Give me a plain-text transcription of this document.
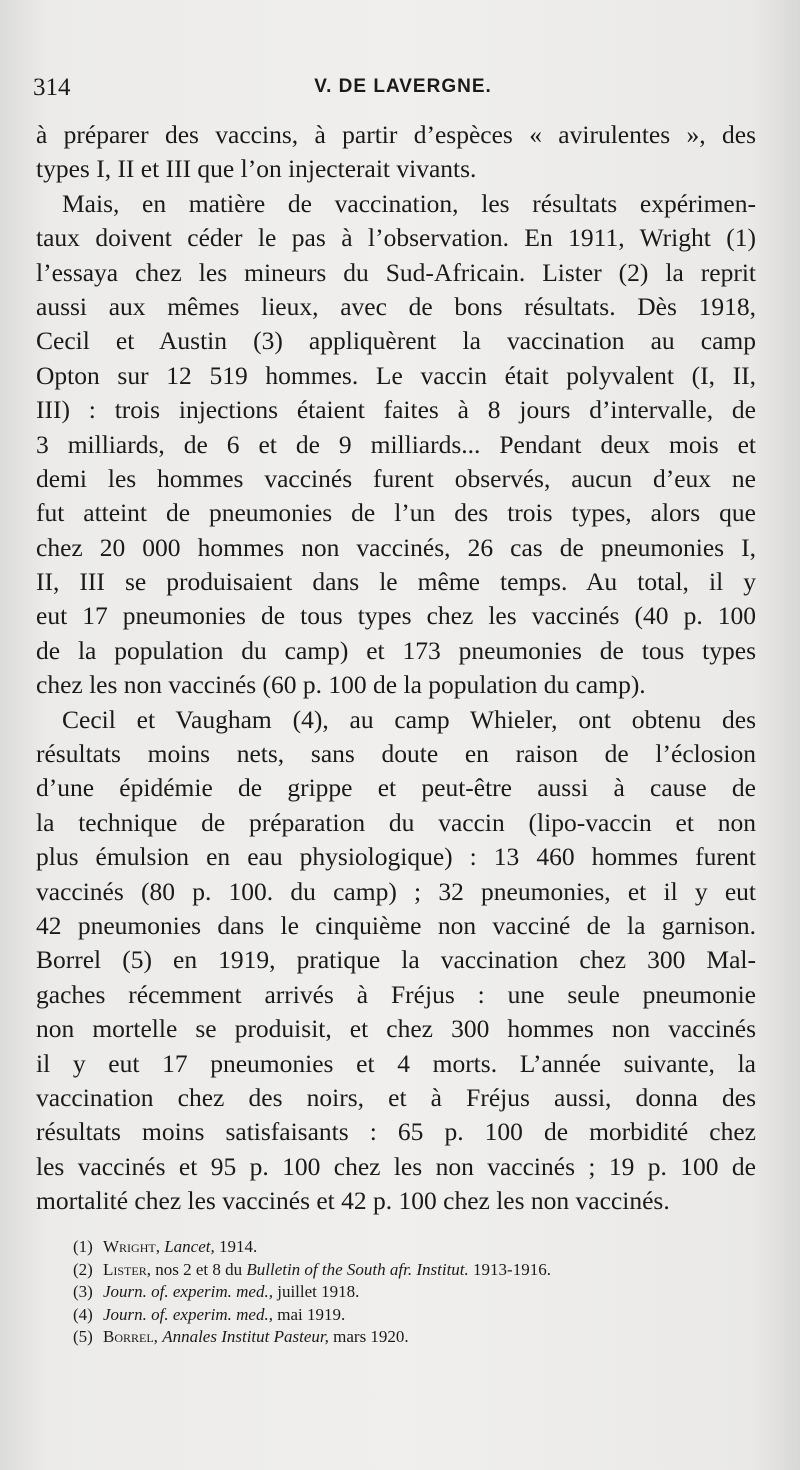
314	V. DE LAVERGNE.
à préparer des vaccins, à partir d’espèces « avirulentes », des
types I, II et III que l’on injecterait vivants.
Mais, en matière de vaccination, les résultats expérimen-
taux doivent céder le pas à l’observation. En 1911, Wright (1)
l’essaya chez les mineurs du Sud-Africain. Lister (2) la reprit
aussi aux mêmes lieux, avec de bons résultats. Dès 1918,
Cecil et Austin (3) appliquèrent la vaccination au camp
Opton sur 12 519 hommes. Le vaccin était polyvalent (I, II,
III) : trois injections étaient faites à 8 jours d’intervalle, de
3 milliards, de 6 et de 9 milliards... Pendant deux mois et
demi les hommes vaccinés furent observés, aucun d’eux ne
fut atteint de pneumonies de l’un des trois types, alors que
chez 20 000 hommes non vaccinés, 26 cas de pneumonies I,
II, III se produisaient dans le même temps. Au total, il y
eut 17 pneumonies de tous types chez les vaccinés (40 p. 100
de la population du camp) et 173 pneumonies de tous types
chez les non vaccinés (60 p. 100 de la population du camp).
Cecil et Vaugham (4), au camp Whieler, ont obtenu des
résultats moins nets, sans doute en raison de l’éclosion
d’une épidémie de grippe et peut-être aussi à cause de
la technique de préparation du vaccin (lipo-vaccin et non
plus émulsion en eau physiologique) : 13 460 hommes furent
vaccinés (80 p. 100. du camp) ; 32 pneumonies, et il y eut
42 pneumonies dans le cinquième non vacciné de la garnison.
Borrel (5) en 1919, pratique la vaccination chez 300 Mal-
gaches récemment arrivés à Fréjus : une seule pneumonie
non mortelle se produisit, et chez 300 hommes non vaccinés
il y eut 17 pneumonies et 4 morts. L’année suivante, la
vaccination chez des noirs, et à Fréjus aussi, donna des
résultats moins satisfaisants : 65 p. 100 de morbidité chez
les vaccinés et 95 p. 100 chez les non vaccinés ; 19 p. 100 de
mortalité chez les vaccinés et 42 p. 100 chez les non vaccinés.
(1) Wright, Lancet, 1914.
(2) Lister, nos 2 et 8 du Bulletin of the South afr. Institut. 1913-1916.
(3) Journ. of. experim. med., juillet 1918.
(4) Journ. of. experim. med., mai 1919.
(5) Borrel, Annales Institut Pasteur, mars 1920.
